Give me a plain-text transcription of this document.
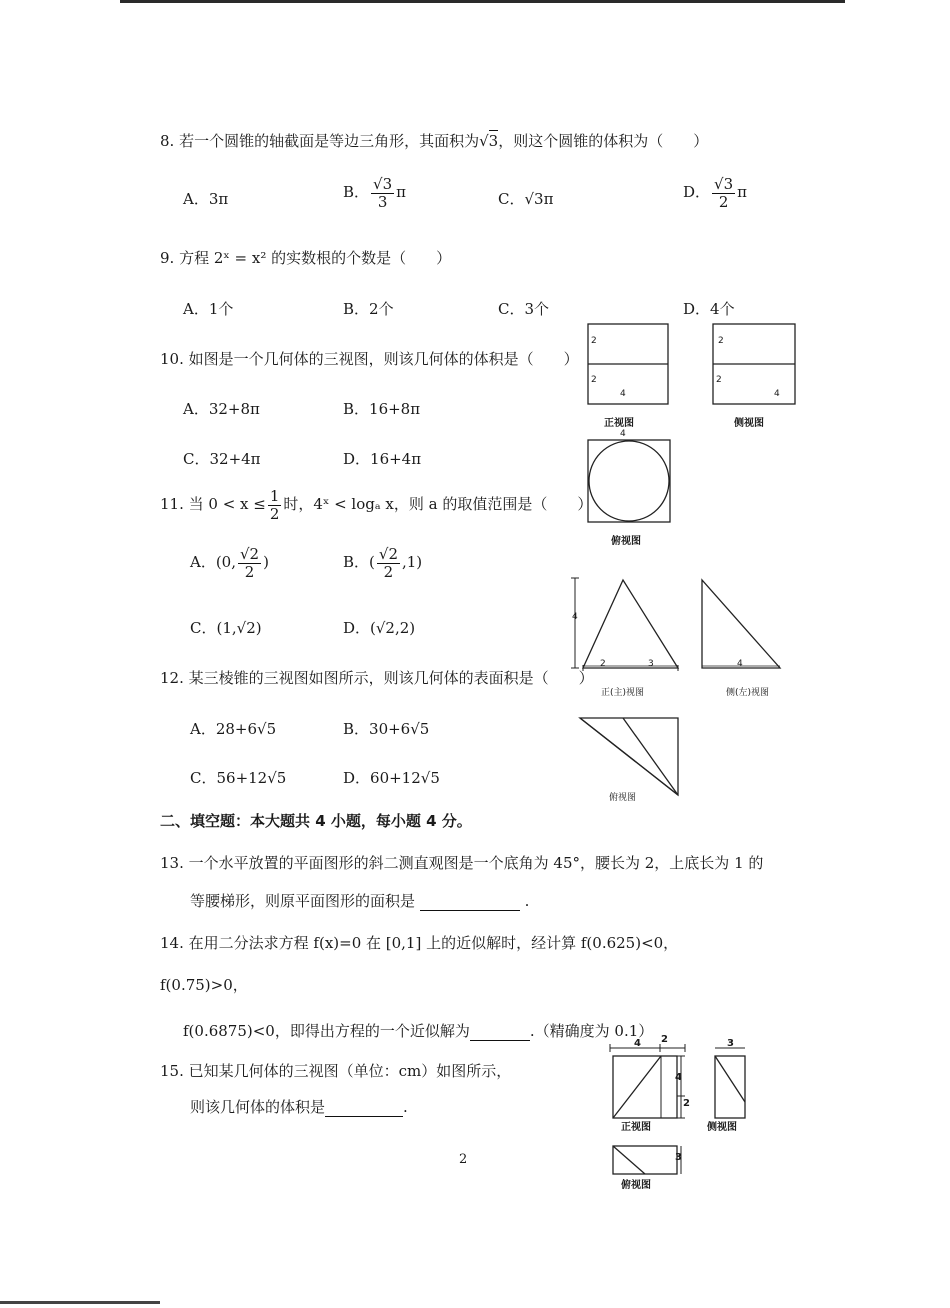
8. 若一个圆锥的轴截面是等边三角形，其面积为√3，则这个圆锥的体积为（　　）
A．3π	B． $\frac{√3}{3}$ π	C．√3π	D． $\frac{√3}{2}$ π
9. 方程 2ˣ = x² 的实数根的个数是（　　）
A．1个	B．2个	C．3个	D．4个
10. 如图是一个几何体的三视图，则该几何体的体积是（　　）
A．32+8π	B．16+8π
C．32+4π	D．16+4π
2
2
4
2
2
4
正视图	侧视图
4
俯视图
11. 当 $0 < x \le \frac{1}{2}$ 时，4ˣ < logₐ x，则 a 的取值范围是（　　）
A．(0, $\frac{√2}{2}$ )	B．( $\frac{√2}{2} ,1$)
C．(1,√2)	D．(√2,2)
4
2	3	4
正(主)视图	侧(左)视图
俯视图
12. 某三棱锥的三视图如图所示，则该几何体的表面积是（　　）
A．28+6√5	B．30+6√5
C．56+12√5	D．60+12√5
二、填空题：本大题共 4 小题，每小题 4 分。
13. 一个水平放置的平面图形的斜二测直观图是一个底角为 45°，腰长为 2，上底长为 1 的
等腰梯形，则原平面图形的面积是	.
14. 在用二分法求方程 f(x)=0 在 [0,1] 上的近似解时，经计算 f(0.625)<0，
f(0.75)>0，
f(0.6875)<0，即得出方程的一个近似解为	.（精确度为 0.1）
15. 已知某几何体的三视图（单位：cm）如图所示，
则该几何体的体积是	.
4 2	3
4
2
正视图	侧视图
3
俯视图
2
